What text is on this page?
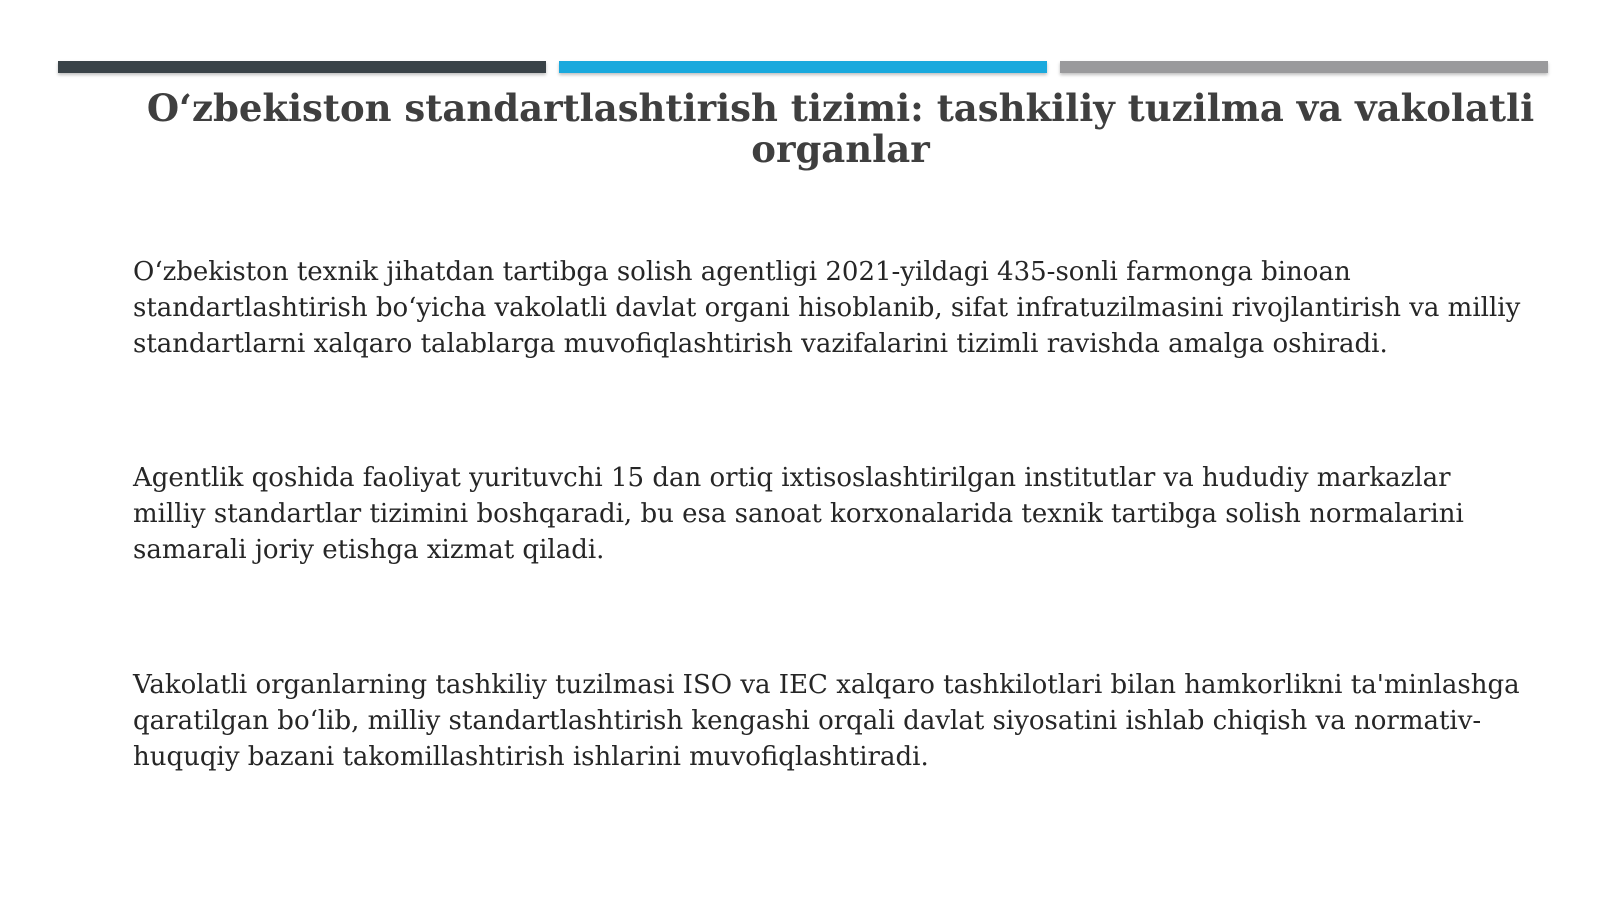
O‘zbekiston standartlashtirish tizimi: tashkiliy tuzilma va vakolatli organlar

O‘zbekiston texnik jihatdan tartibga solish agentligi 2021-yildagi 435-sonli farmonga binoan standartlashtirish bo‘yicha vakolatli davlat organi hisoblanib, sifat infratuzilmasini rivojlantirish va milliy standartlarni xalqaro talablarga muvofiqlashtirish vazifalarini tizimli ravishda amalga oshiradi.

Agentlik qoshida faoliyat yurituvchi 15 dan ortiq ixtisoslashtirilgan institutlar va hududiy markazlar milliy standartlar tizimini boshqaradi, bu esa sanoat korxonalarida texnik tartibga solish normalarini samarali joriy etishga xizmat qiladi.

Vakolatli organlarning tashkiliy tuzilmasi ISO va IEC xalqaro tashkilotlari bilan hamkorlikni ta'minlashga qaratilgan bo‘lib, milliy standartlashtirish kengashi orqali davlat siyosatini ishlab chiqish va normativ-huquqiy bazani takomillashtirish ishlarini muvofiqlashtiradi.
